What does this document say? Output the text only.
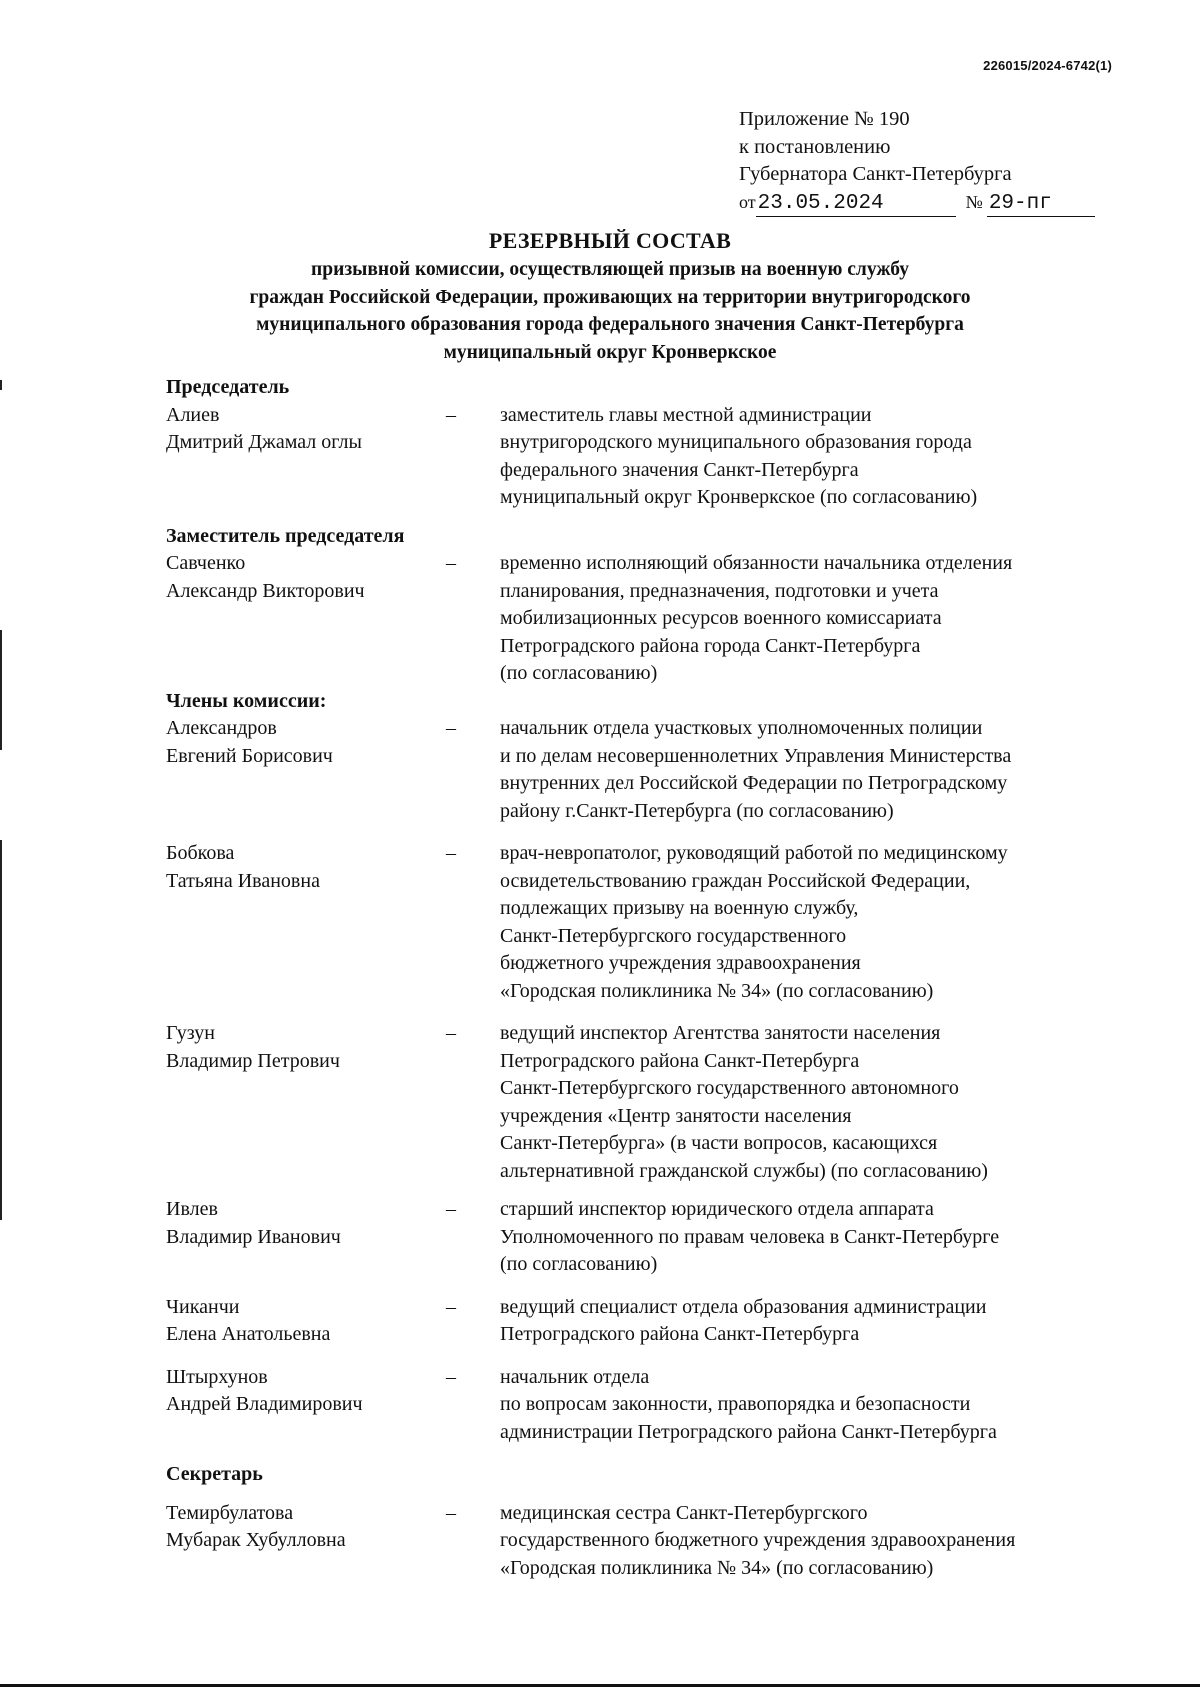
226015/2024-6742(1)
Приложение № 190
к постановлению
Губернатора Санкт-Петербурга
от23.05.2024	№ 29-пг
РЕЗЕРВНЫЙ СОСТАВ
призывной комиссии, осуществляющей призыв на военную службу
граждан Российской Федерации, проживающих на территории внутригородского
муниципального образования города федерального значения Санкт-Петербурга
муниципальный округ Кронверкское
Председатель
Алиев
Дмитрий Джамал оглы
–	заместитель главы местной администрации
внутригородского муниципального образования города
федерального значения Санкт-Петербурга
муниципальный округ Кронверкское (по согласованию)
Заместитель председателя
Савченко
Александр Викторович
–	временно исполняющий обязанности начальника отделения
планирования, предназначения, подготовки и учета
мобилизационных ресурсов военного комиссариата
Петроградского района города Санкт-Петербурга
(по согласованию)
Члены комиссии:
Александров
Евгений Борисович
–	начальник отдела участковых уполномоченных полиции
и по делам несовершеннолетних Управления Министерства
внутренних дел Российской Федерации по Петроградскому
району г.Санкт-Петербурга (по согласованию)
Бобкова
Татьяна Ивановна
–	врач-невропатолог, руководящий работой по медицинскому
освидетельствованию граждан Российской Федерации,
подлежащих призыву на военную службу,
Санкт-Петербургского государственного
бюджетного учреждения здравоохранения
«Городская поликлиника № 34» (по согласованию)
Гузун
Владимир Петрович
–	ведущий инспектор Агентства занятости населения
Петроградского района Санкт-Петербурга
Санкт-Петербургского государственного автономного
учреждения «Центр занятости населения
Санкт-Петербурга» (в части вопросов, касающихся
альтернативной гражданской службы) (по согласованию)
Ивлев
Владимир Иванович
–	старший инспектор юридического отдела аппарата
Уполномоченного по правам человека в Санкт-Петербурге
(по согласованию)
Чиканчи
Елена Анатольевна
–	ведущий специалист отдела образования администрации
Петроградского района Санкт-Петербурга
Штырхунов
Андрей Владимирович
–	начальник отдела
по вопросам законности, правопорядка и безопасности
администрации Петроградского района Санкт-Петербурга
Секретарь
Темирбулатова
Мубарак Хубулловна
–	медицинская сестра Санкт-Петербургского
государственного бюджетного учреждения здравоохранения
«Городская поликлиника № 34» (по согласованию)
